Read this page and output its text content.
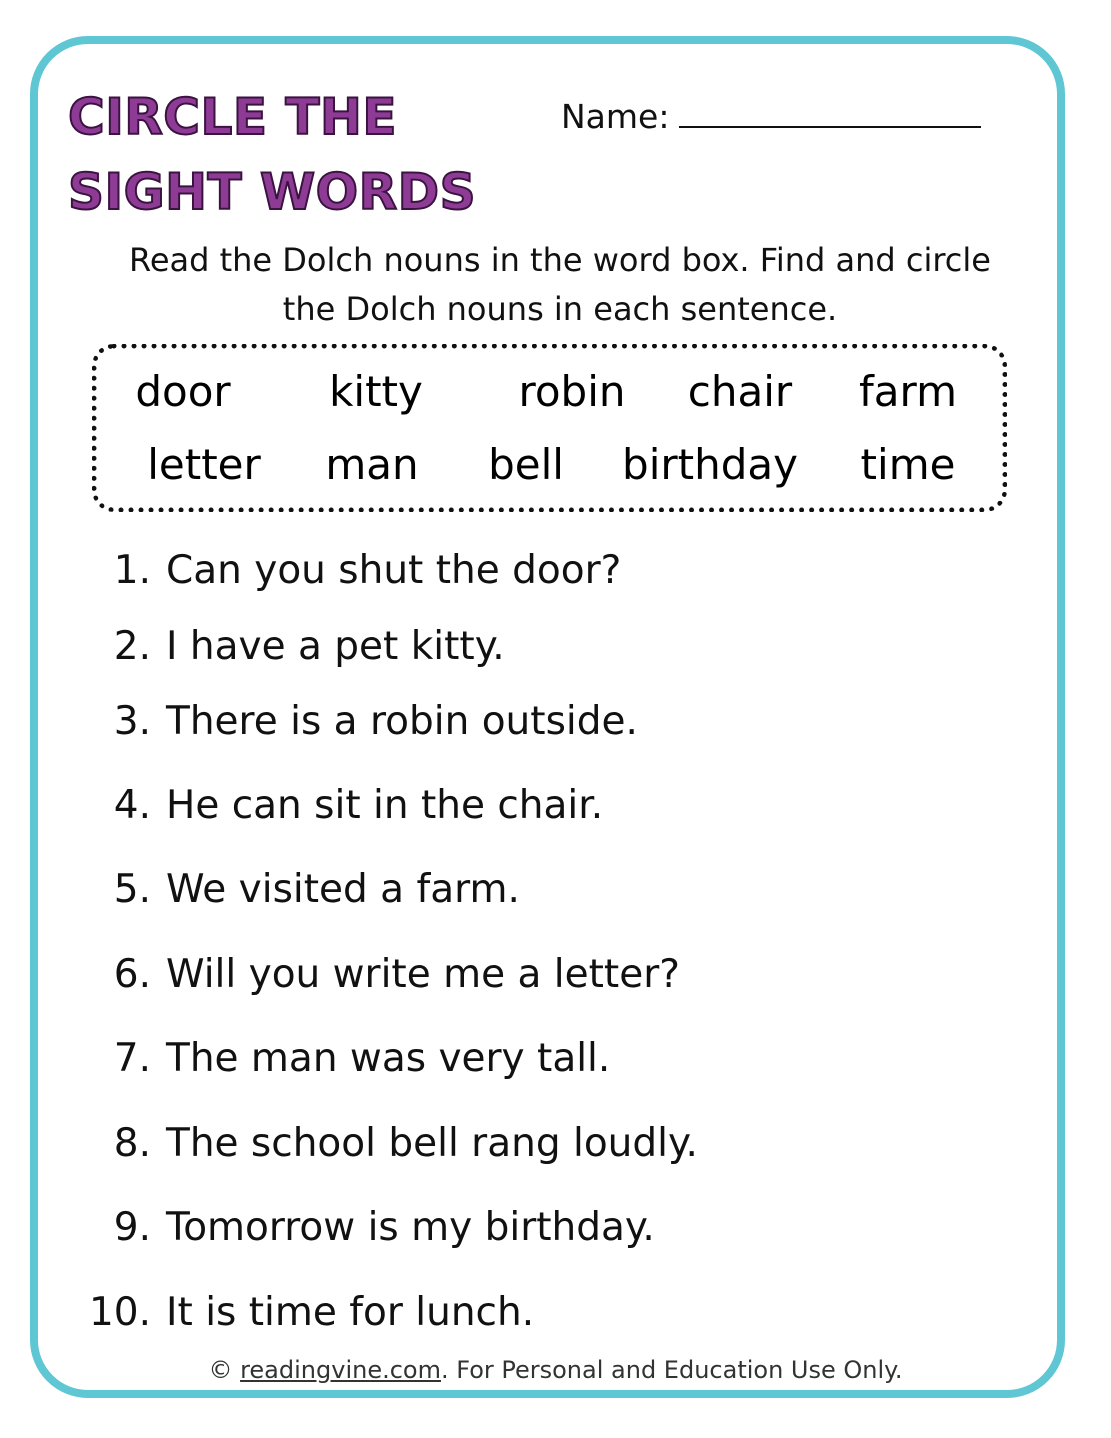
CIRCLE THE
SIGHT WORDS
Name:

Read the Dolch nouns in the word box. Find and circle the Dolch nouns in each sentence.

door kitty robin chair farm
letter man bell birthday time
1. Can you shut the door?
2. I have a pet kitty.
3. There is a robin outside.
4. He can sit in the chair.
5. We visited a farm.
6. Will you write me a letter?
7. The man was very tall.
8. The school bell rang loudly.
9. Tomorrow is my birthday.
10. It is time for lunch.
© readingvine.com. For Personal and Education Use Only.
